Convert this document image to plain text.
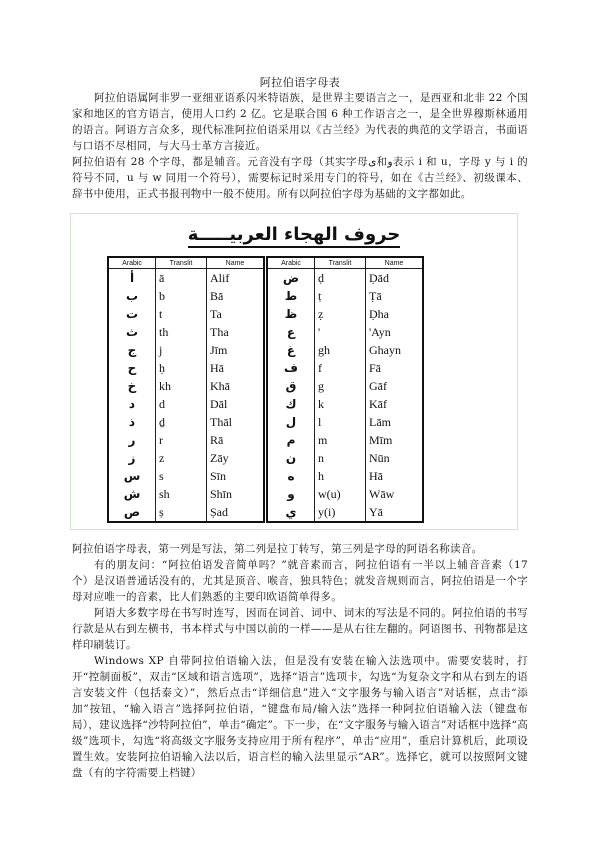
阿拉伯语字母表

阿拉伯语属阿非罗一亚细亚语系闪米特语族，是世界主要语言之一，是西亚和北非 22 个国家和地区的官方语言，使用人口约 2 亿。它是联合国 6 种工作语言之一，是全世界穆斯林通用的语言。阿语方言众多，现代标准阿拉伯语采用以《古兰经》为代表的典范的文学语言，书面语与口语不尽相同，与大马士革方言接近。

阿拉伯语有 28 个字母，都是辅音。元音没有字母（其实字母ى和و表示 i 和 u，字母 y 与 i 的符号不同，u 与 w 同用一个符号），需要标记时采用专门的符号，如在《古兰经》、初级课本、辞书中使用，正式书报刊物中一般不使用。所有以阿拉伯字母为基础的文字都如此。

حروف الهجاء العربيـــــة
Arabic	Translit	Name
أ	ā	Alif
ب	b	Bā
ت	t	Ta
ث	th	Tha
ج	j	Jīm
ح	ḥ	Hā
خ	kh	Khā
د	d	Dāl
ذ	ḏ	Thāl
ر	r	Rā
ز	z	Zāy
س	s	Sīn
ش	sh	Shīn
ص	ṣ	Ṣad
Arabic	Translit	Name
ض	ḍ	Ḍād
ط	ṭ	Ṭā
ظ	ẓ	Ḍha
ع	'	'Ayn
غ	gh	Ghayn
ف	f	Fā
ق	g	Gāf
ك	k	Kāf
ل	l	Lām
م	m	Mīm
ن	n	Nūn
ه	h	Hā
و	w(u)	Wāw
ي	y(i)	Yā

阿拉伯语字母表，第一列是写法，第二列是拉丁转写，第三列是字母的阿语名称读音。

有的朋友问：“阿拉伯语发音简单吗？”就音素而言，阿拉伯语有一半以上辅音音素（17 个）是汉语普通话没有的，尤其是顶音、喉音，独具特色；就发音规则而言，阿拉伯语是一个字母对应唯一的音素，比人们熟悉的主要印欧语简单得多。

阿语大多数字母在书写时连写，因而在词首、词中、词末的写法是不同的。阿拉伯语的书写行款是从右到左横书，书本样式与中国以前的一样——是从右往左翻的。阿语图书、刊物都是这样印刷装订。

Windows XP 自带阿拉伯语输入法，但是没有安装在输入法选项中。需要安装时，打开“控制面板”，双击“区域和语言选项”，选择“语言”选项卡，勾选“为复杂文字和从右到左的语言安装文件（包括泰文）”，然后点击“详细信息”进入“文字服务与输入语言”对话框，点击“添加”按钮，“输入语言”选择阿拉伯语，“键盘布局/输入法”选择一种阿拉伯语输入法（键盘布局），建议选择“沙特阿拉伯”，单击“确定”。下一步，在“文字服务与输入语言”对话框中选择“高级”选项卡，勾选“将高级文字服务支持应用于所有程序”，单击“应用”，重启计算机后，此项设置生效。安装阿拉伯语输入法以后，语言栏的输入法里显示“AR”。选择它，就可以按照阿文键盘（有的字符需要上档键）
